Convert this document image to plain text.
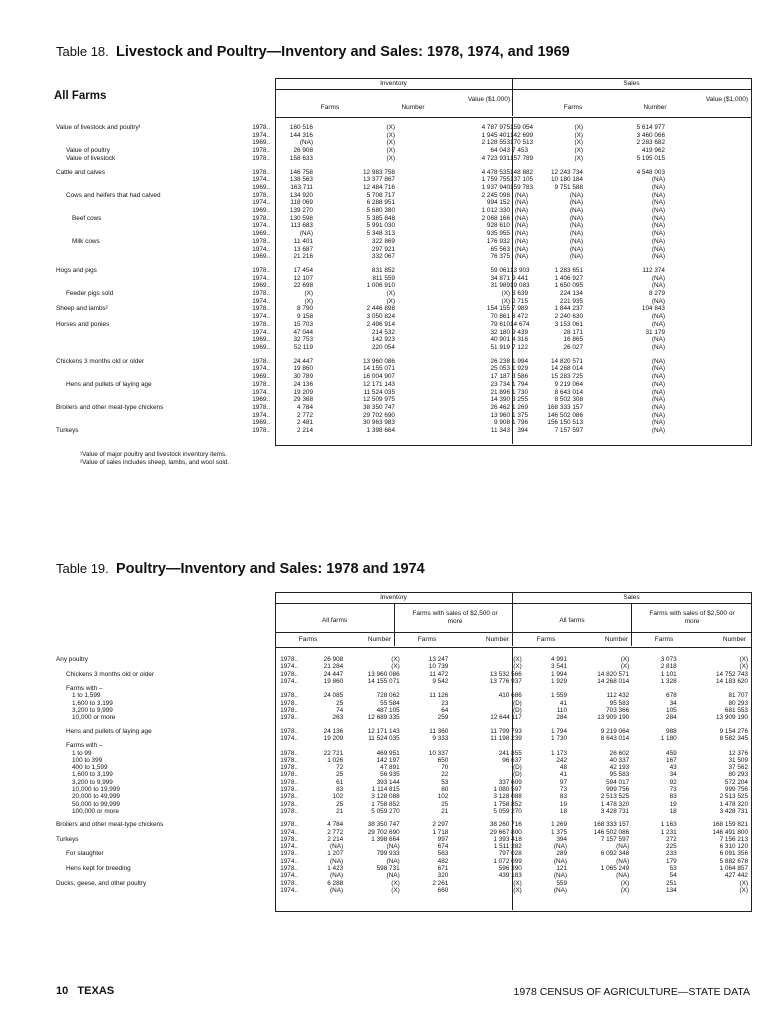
Table 18. Livestock and Poultry—Inventory and Sales: 1978, 1974, and 1969
All Farms
Inventory	Sales
Farms	Number
Value ($1,000)
Farms	Number
Value ($1,000)
Value of livestock and poultry¹	1978..	160 516	(X)	4 787 975	159 054	(X)	5 614 977
	1974..	144 316	(X)	1 945 401	142 699	(X)	3 460 066
	1969..	(NA)	(X)	2 128 553	170 513	(X)	2 283 682
Value of poultry	1978..	26 908	(X)	64 043	7 453	(X)	419 962
Value of livestock	1978..	158 633	(X)	4 723 931	157 789	(X)	5 195 015

Cattle and calves	1978..	146 758	12 983 758	4 478 535	148 882	12 243 734	4 548 003
	1974..	138 563	13 377 867	1 759 755	137 105	10 180 184	(NA)
	1969..	163 711	12 484 716	1 937 940	159 783	9 751 588	(NA)
Cows and heifers that had calved	1978..	134 920	5 708 717	2 245 098	(NA)	(NA)	(NA)
	1974..	118 069	6 288 951	994 152	(NA)	(NA)	(NA)
	1969..	139 270	5 680 380	1 012 330	(NA)	(NA)	(NA)
Beef cows	1978..	130 598	5 385 848	2 068 166	(NA)	(NA)	(NA)
	1974..	113 683	5 991 030	928 610	(NA)	(NA)	(NA)
	1969..	(NA)	5 348 313	935 955	(NA)	(NA)	(NA)
Milk cows	1978..	11 401	322 869	176 932	(NA)	(NA)	(NA)
	1974..	13 687	297 921	65 563	(NA)	(NA)	(NA)
	1969..	21 216	332 067	76 375	(NA)	(NA)	(NA)

Hogs and pigs	1978..	17 454	831 852	59 061	13 903	1 283 651	112 374
	1974..	12 107	811 559	34 871	9 441	1 406 927	(NA)
	1969..	22 698	1 006 910	31 989	19 083	1 650 095	(NA)
Feeder pigs sold	1978..	(X)	(X)	(X)	3 639	224 134	8 279
	1974..	(X)	(X)	(X)	2 715	221 935	(NA)
Sheep and lambs²	1978..	8 790	2 446 898	154 155	7 989	1 844 237	104 843
	1974..	9 158	3 050 824	70 861	8 472	2 240 630	(NA)
Horses and ponies	1978..	15 703	2 496 914	79 610	14 674	3 153 061	(NA)
	1974..	47 044	214 532	32 180	9 439	28 171	31 179
	1969..	32 753	142 923	40 901	4 316	16 865	(NA)
	1969..	52 119	220 054	51 919	7 122	26 027	(NA)

Chickens 3 months old or older	1978..	24 447	13 960 086	26 238	1 994	14 820 571	(NA)
	1974..	19 860	14 155 071	25 053	1 929	14 268 014	(NA)
	1969..	30 789	16 004 907	17 187	3 586	15 283 725	(NA)
Hens and pullets of laying age	1978..	24 136	12 171 143	23 734	1 794	9 219 064	(NA)
	1974..	19 209	11 524 035	21 896	1 730	8 643 014	(NA)
	1969..	29 368	12 509 975	14 390	3 255	8 502 308	(NA)
Broilers and other meat-type chickens	1978..	4 784	38 350 747	26 462	1 269	168 333 157	(NA)
	1974..	2 772	29 702 690	13 960	1 375	146 502 086	(NA)
	1969..	2 481	30 963 983	9 908	1 796	156 150 513	(NA)
Turkeys	1978..	2 214	1 398 664	11 343	394	7 157 597	(NA)
¹Value of major poultry and livestock inventory items.
²Value of sales includes sheep, lambs, and wool sold.
Table 19. Poultry—Inventory and Sales: 1978 and 1974
Inventory	Sales
All farms
Farms with sales of $2,500 or more	All farms
Farms with sales of $2,500 or more
Farms	Number	Farms	Number	Farms	Number	Farms	Number
Any poultry	1978..	26 908	(X)	13 247	(X)	4 991	(X)	3 073	(X)
	1974..	21 284	(X)	10 739	(X)	3 541	(X)	2 818	(X)
Chickens 3 months old or older	1978..	24 447	13 960 086	11 472	13 532 566	1 994	14 820 571	1 101	14 752 743
	1974..	19 860	14 155 071	9 542	13 776 937	1 929	14 268 014	1 328	14 183 620
Farms with –									
1 to 1,599	1978..	24 085	728 062	11 126	410 686	1 559	112 432	678	81 707
1,600 to 3,199	1978..	25	55 584	23	(D)	41	95 583	34	80 293
3,200 to 9,999	1978..	74	487 105	64	(D)	110	703 366	105	681 553
10,000 or more	1978..	263	12 689 335	259	12 644 117	284	13 909 190	284	13 909 190

Hens and pullets of laying age	1978..	24 136	12 171 143	11 360	11 799 793	1 794	9 219 064	988	9 154 276
	1974..	19 209	11 524 035	9 333	11 198 239	1 730	8 643 014	1 180	8 582 345
Farms with –									
1 to 99	1978..	22 721	469 951	10 337	241 855	1 173	26 602	459	12 376
100 to 399	1978..	1 026	142 197	650	96 637	242	40 337	167	31 509
400 to 1,599	1978..	72	47 891	70	(D)	48	42 193	43	37 562
1,600 to 3,199	1978..	25	56 935	22	(D)	41	95 583	34	80 293
3,200 to 9,999	1978..	61	393 144	53	337 609	97	594 017	92	572 204
10,000 to 19,999	1978..	83	1 114 815	80	1 080 597	73	999 756	73	999 756
20,000 to 49,999	1978..	102	3 128 088	102	3 128 088	83	2 513 525	83	2 513 525
50,000 to 99,999	1978..	25	1 758 852	25	1 758 852	19	1 478 320	19	1 478 320
100,000 or more	1978..	21	5 059 270	21	5 059 270	18	3 428 731	18	3 428 731

Broilers and other meat-type chickens	1978..	4 784	38 350 747	2 297	38 260 716	1 269	168 333 157	1 163	168 159 821
	1974..	2 772	29 702 690	1 718	29 667 800	1 375	146 502 086	1 231	146 491 800
Turkeys	1978..	2 214	1 398 664	997	1 393 418	394	7 157 597	272	7 156 213
	1974..	(NA)	(NA)	674	1 511 282	(NA)	(NA)	225	6 310 120
For slaughter	1978..	1 207	799 933	563	797 028	289	6 092 348	233	6 091 356
	1974..	(NA)	(NA)	482	1 072 099	(NA)	(NA)	179	5 882 678
Hens kept for breeding	1978..	1 423	598 731	671	596 390	121	1 065 249	53	1 064 857
	1974..	(NA)	(NA)	320	439 183	(NA)	(NA)	54	427 442
Ducks, geese, and other poultry	1978..	6 288	(X)	2 261	(X)	559	(X)	251	(X)
	1974..	(NA)	(X)	660	(X)	(NA)	(X)	134	(X)
10 TEXAS	1978 CENSUS OF AGRICULTURE—STATE DATA
